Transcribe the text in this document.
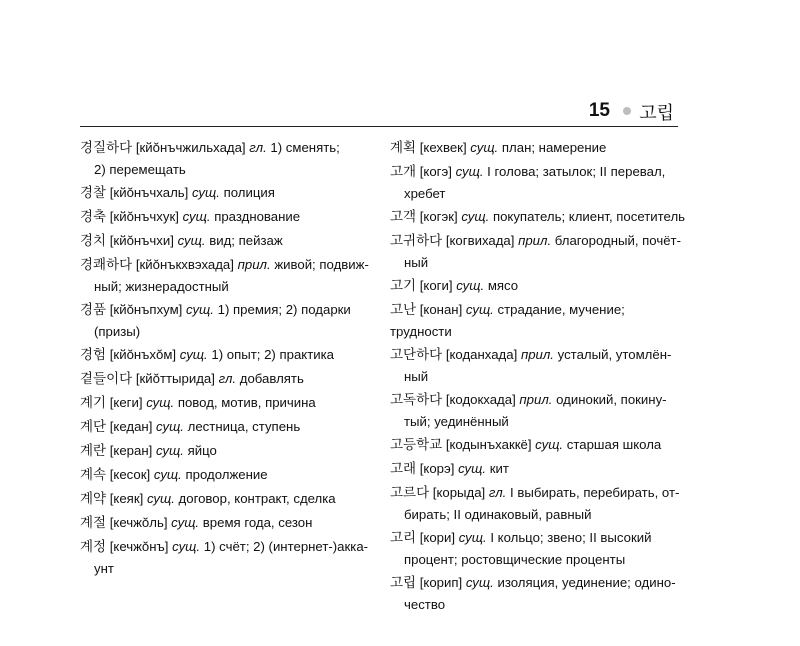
15 고립
경질하다 [кйŏнъчжильхада] гл. 1) сменять;
2) перемещать
경찰 [кйŏнъчхаль] сущ. полиция
경축 [кйŏнъчхук] сущ. празднование
경치 [кйŏнъчхи] сущ. вид; пейзаж
경쾌하다 [кйŏнъкхвэхада] прил. живой; подвиж-
ный; жизнерадостный
경품 [кйŏнъпхум] сущ. 1) премия; 2) подарки
(призы)
경험 [кйŏнъхŏм] сущ. 1) опыт; 2) практика
곁들이다 [кйŏттырида] гл. добавлять
계기 [кеги] сущ. повод, мотив, причина
계단 [кедан] сущ. лестница, ступень
계란 [керан] сущ. яйцо
계속 [кесок] сущ. продолжение
계약 [кеяк] сущ. договор, контракт, сделка
계절 [кечжŏль] сущ. время года, сезон
계정 [кечжŏнъ] сущ. 1) счёт; 2) (интернет-)акка-
унт
계획 [кехвек] сущ. план; намерение
고개 [когэ] сущ. I голова; затылок; II перевал,
хребет
고객 [когэк] сущ. покупатель; клиент, посетитель
고귀하다 [когвихада] прил. благородный, почёт-
ный
고기 [коги] сущ. мясо
고난 [конан] сущ. страдание, мучение; трудности
고단하다 [коданхада] прил. усталый, утомлён-
ный
고독하다 [кодокхада] прил. одинокий, покину-
тый; уединённый
고등학교 [кодынъхаккё] сущ. старшая школа
고래 [корэ] сущ. кит
고르다 [корыда] гл. I выбирать, перебирать, от-
бирать; II одинаковый, равный
고리 [кори] сущ. I кольцо; звено; II высокий
процент; ростовщические проценты
고립 [корип] сущ. изоляция, уединение; одино-
чество
